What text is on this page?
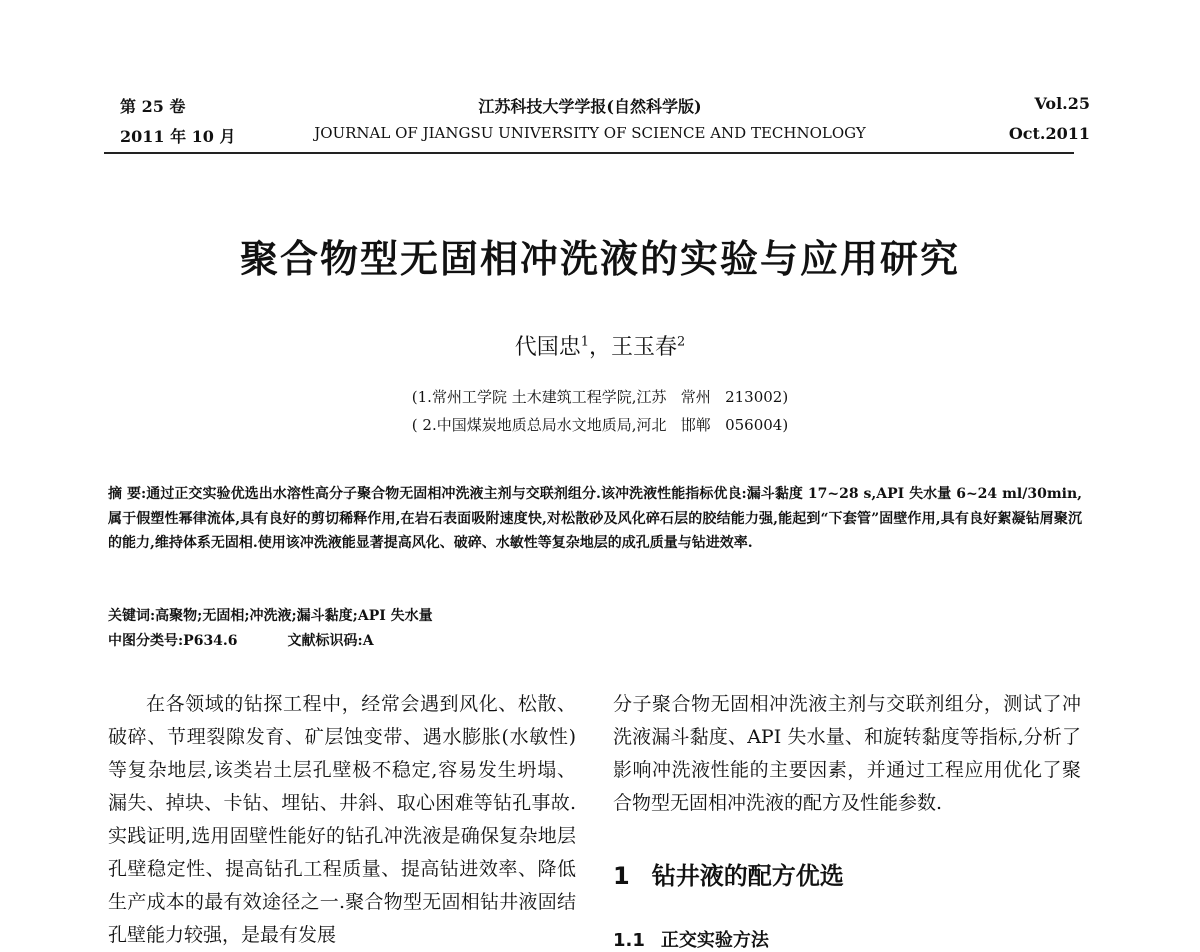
第 25 卷
2011 年 10 月
江苏科技大学学报(自然科学版)
JOURNAL OF JIANGSU UNIVERSITY OF SCIENCE AND TECHNOLOGY
Vol.25
Oct.2011
聚合物型无固相冲洗液的实验与应用研究
代国忠$^1$，王玉春$^2$
(1.常州工学院 土木建筑工程学院,江苏   常州   213002)
( 2.中国煤炭地质总局水文地质局,河北   邯郸   056004)
摘 要:通过正交实验优选出水溶性高分子聚合物无固相冲洗液主剂与交联剂组分.该冲洗液性能指标优良:漏斗黏度 17~28 s,API 失水量 6~24 ml/30min,属于假塑性幂律流体,具有良好的剪切稀释作用,在岩石表面吸附速度快,对松散砂及风化碎石层的胶结能力强,能起到“下套管”固壁作用,具有良好絮凝钻屑聚沉的能力,维持体系无固相.使用该冲洗液能显著提高风化、破碎、水敏性等复杂地层的成孔质量与钻进效率.
关键词:高聚物;无固相;冲洗液;漏斗黏度;API 失水量
中图分类号:P634.6	文献标识码:A
在各领域的钻探工程中，经常会遇到风化、松散、破碎、节理裂隙发育、矿层蚀变带、遇水膨胀(水敏性)等复杂地层,该类岩土层孔壁极不稳定,容易发生坍塌、漏失、掉块、卡钻、埋钻、井斜、取心困难等钻孔事故.实践证明,选用固壁性能好的钻孔冲洗液是确保复杂地层孔壁稳定性、提高钻孔工程质量、提高钻进效率、降低生产成本的最有效途径之一.聚合物型无固相钻井液固结孔壁能力较强，是最有发展
分子聚合物无固相冲洗液主剂与交联剂组分，测试了冲洗液漏斗黏度、API 失水量、和旋转黏度等指标,分析了影响冲洗液性能的主要因素，并通过工程应用优化了聚合物型无固相冲洗液的配方及性能参数.
1 钻井液的配方优选
1.1 正交实验方法
